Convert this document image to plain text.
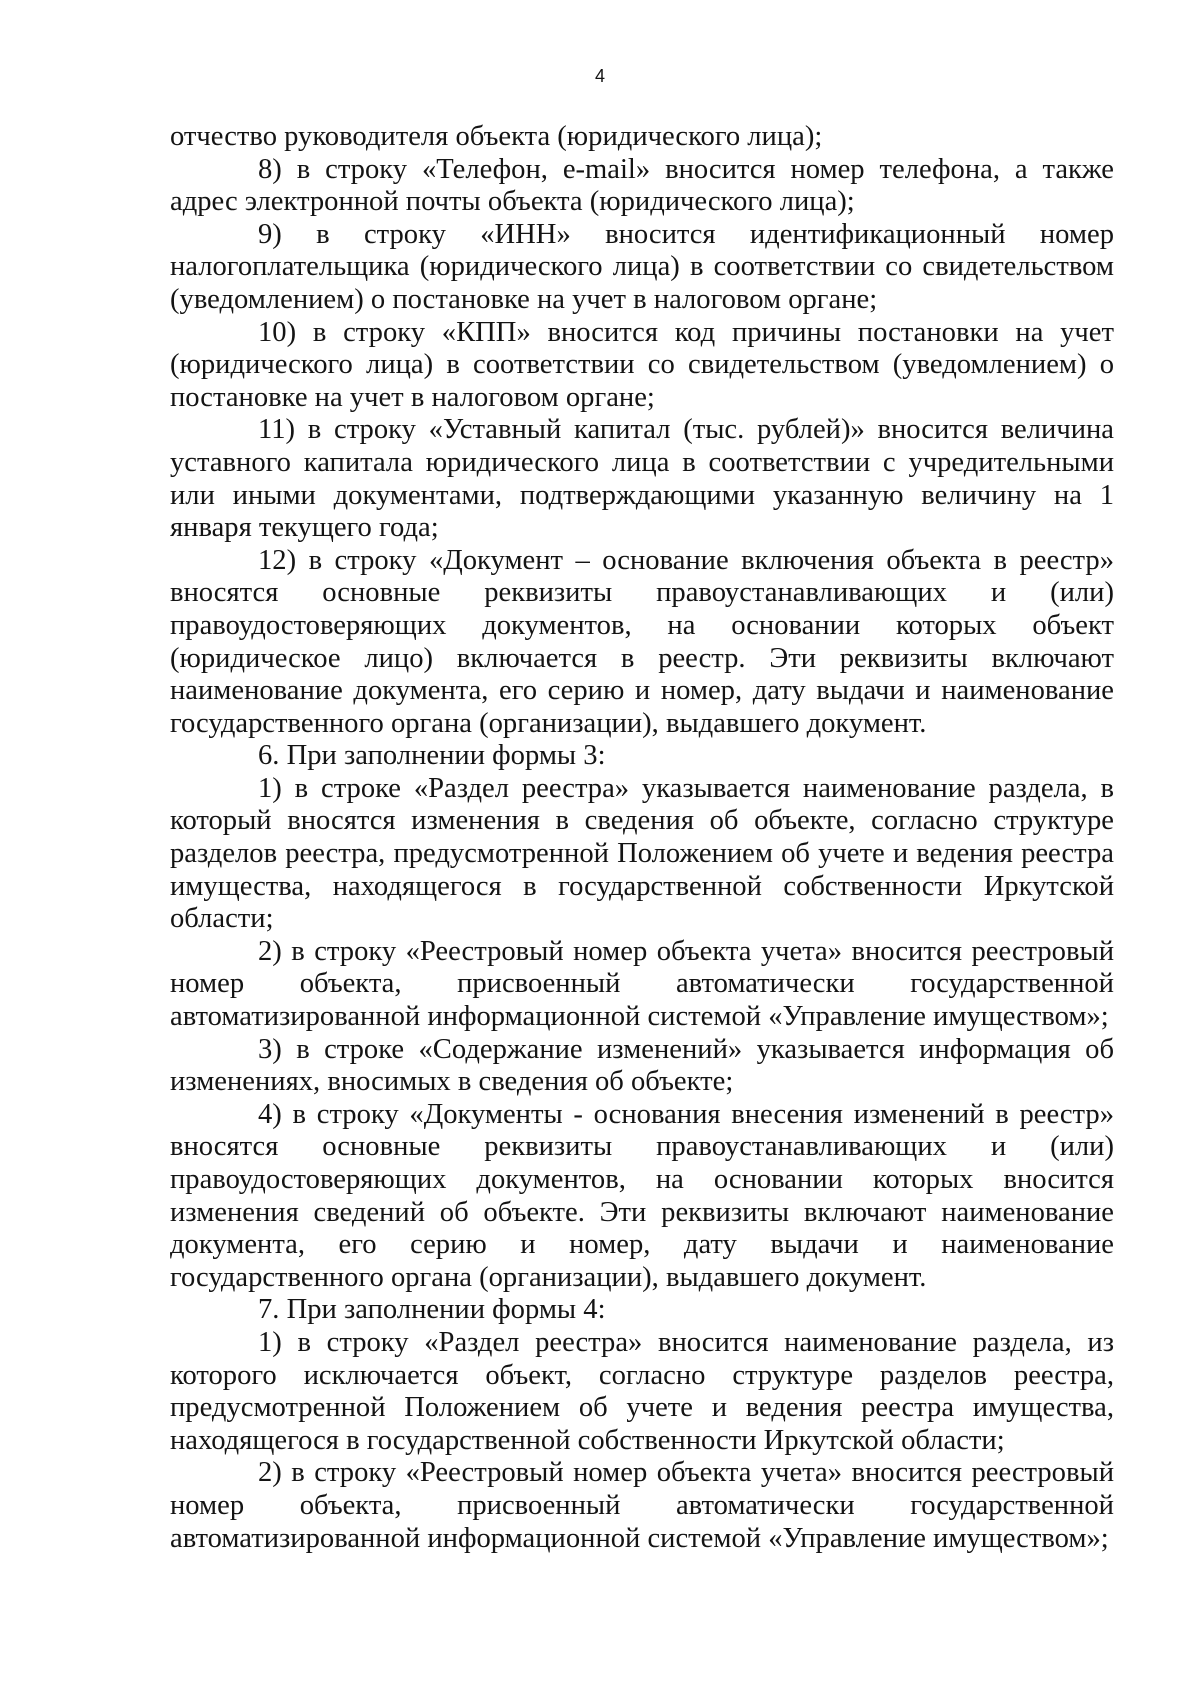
4

отчество руководителя объекта (юридического лица);

8) в строку «Телефон, e-mail» вносится номер телефона, а также адрес электронной почты объекта (юридического лица);

9) в строку «ИНН» вносится идентификационный номер налогоплательщика (юридического лица) в соответствии со свидетельством (уведомлением) о постановке на учет в налоговом органе;

10) в строку «КПП» вносится код причины постановки на учет (юридического лица) в соответствии со свидетельством (уведомлением) о постановке на учет в налоговом органе;

11) в строку «Уставный капитал (тыс. рублей)» вносится величина уставного капитала юридического лица в соответствии с учредительными или иными документами, подтверждающими указанную величину на 1 января текущего года;

12) в строку «Документ – основание включения объекта в реестр» вносятся основные реквизиты правоустанавливающих и (или) правоудостоверяющих документов, на основании которых объект (юридическое лицо) включается в реестр. Эти реквизиты включают наименование документа, его серию и номер, дату выдачи и наименование государственного органа (организации), выдавшего документ.

6. При заполнении формы 3:

1) в строке «Раздел реестра» указывается наименование раздела, в который вносятся изменения в сведения об объекте, согласно структуре разделов реестра, предусмотренной Положением об учете и ведения реестра имущества, находящегося в государственной собственности Иркутской области;

2) в строку «Реестровый номер объекта учета» вносится реестровый номер объекта, присвоенный автоматически государственной автоматизированной информационной системой «Управление имуществом»;

3) в строке «Содержание изменений» указывается информация об изменениях, вносимых в сведения об объекте;

4) в строку «Документы - основания внесения изменений в реестр» вносятся основные реквизиты правоустанавливающих и (или) правоудостоверяющих документов, на основании которых вносится изменения сведений об объекте. Эти реквизиты включают наименование документа, его серию и номер, дату выдачи и наименование государственного органа (организации), выдавшего документ.

7. При заполнении формы 4:

1) в строку «Раздел реестра» вносится наименование раздела, из которого исключается объект, согласно структуре разделов реестра, предусмотренной Положением об учете и ведения реестра имущества, находящегося в государственной собственности Иркутской области;

2) в строку «Реестровый номер объекта учета» вносится реестровый номер объекта, присвоенный автоматически государственной автоматизированной информационной системой «Управление имуществом»;
